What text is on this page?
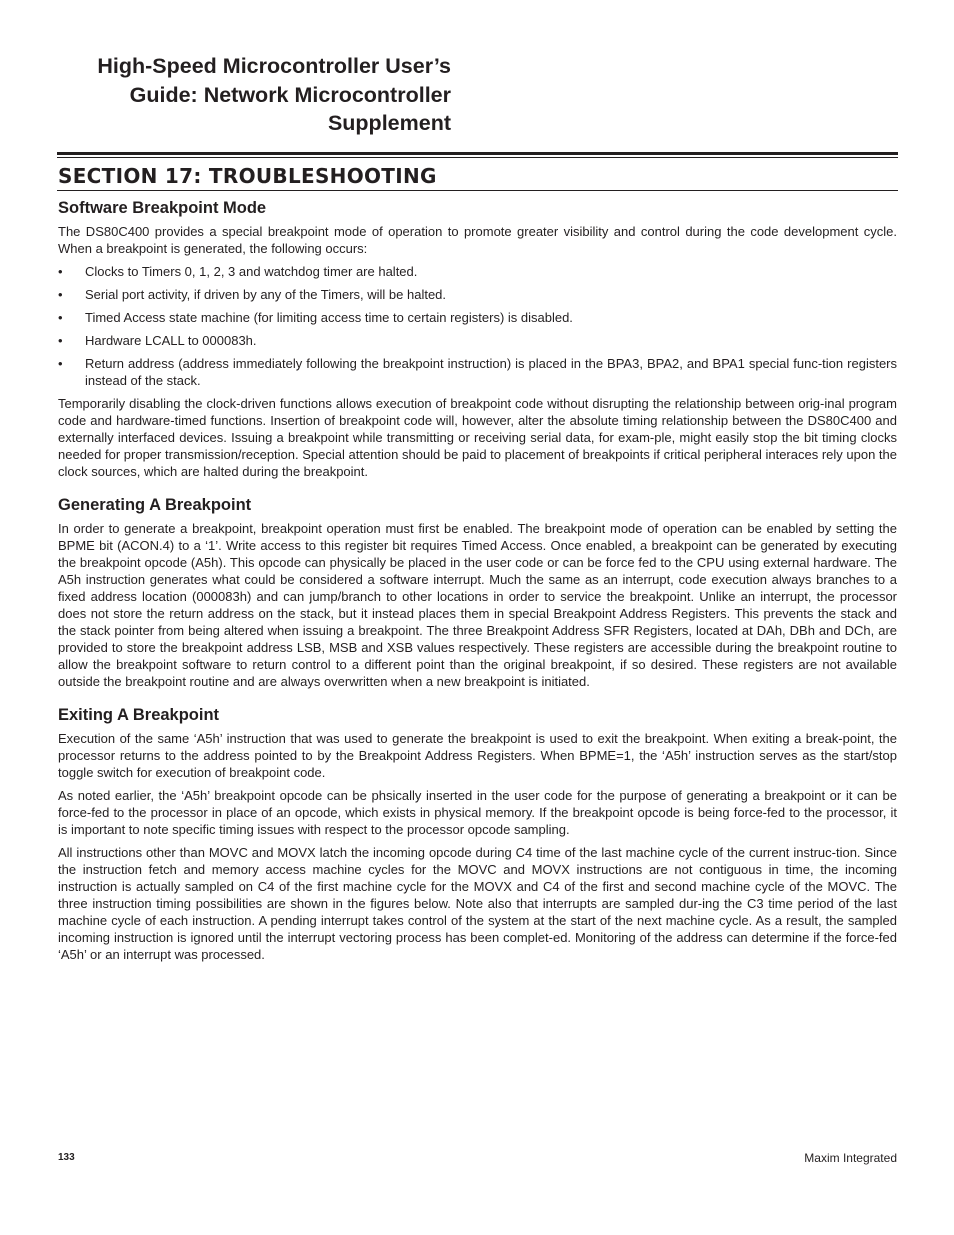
High-Speed Microcontroller User’s Guide: Network Microcontroller Supplement
SECTION 17: TROUBLESHOOTING
Software Breakpoint Mode

The DS80C400 provides a special breakpoint mode of operation to promote greater visibility and control during the code development cycle. When a breakpoint is generated, the following occurs:

• Clocks to Timers 0, 1, 2, 3 and watchdog timer are halted.
• Serial port activity, if driven by any of the Timers, will be halted.
• Timed Access state machine (for limiting access time to certain registers) is disabled.
• Hardware LCALL to 000083h.
• Return address (address immediately following the breakpoint instruction) is placed in the BPA3, BPA2, and BPA1 special func-tion registers instead of the stack.

Temporarily disabling the clock-driven functions allows execution of breakpoint code without disrupting the relationship between orig-inal program code and hardware-timed functions. Insertion of breakpoint code will, however, alter the absolute timing relationship between the DS80C400 and externally interfaced devices. Issuing a breakpoint while transmitting or receiving serial data, for exam-ple, might easily stop the bit timing clocks needed for proper transmission/reception. Special attention should be paid to placement of breakpoints if critical peripheral interaces rely upon the clock sources, which are halted during the breakpoint.

Generating A Breakpoint

In order to generate a breakpoint, breakpoint operation must first be enabled. The breakpoint mode of operation can be enabled by setting the BPME bit (ACON.4) to a ‘1’. Write access to this register bit requires Timed Access. Once enabled, a breakpoint can be generated by executing the breakpoint opcode (A5h). This opcode can physically be placed in the user code or can be force fed to the CPU using external hardware. The A5h instruction generates what could be considered a software interrupt. Much the same as an interrupt, code execution always branches to a fixed address location (000083h) and can jump/branch to other locations in order to service the breakpoint. Unlike an interrupt, the processor does not store the return address on the stack, but it instead places them in special Breakpoint Address Registers. This prevents the stack and the stack pointer from being altered when issuing a breakpoint. The three Breakpoint Address SFR Registers, located at DAh, DBh and DCh, are provided to store the breakpoint address LSB, MSB and XSB values respectively. These registers are accessible during the breakpoint routine to allow the breakpoint software to return control to a different point than the original breakpoint, if so desired. These registers are not available outside the breakpoint routine and are always overwritten when a new breakpoint is initiated.

Exiting A Breakpoint

Execution of the same ‘A5h’ instruction that was used to generate the breakpoint is used to exit the breakpoint. When exiting a break-point, the processor returns to the address pointed to by the Breakpoint Address Registers. When BPME=1, the ‘A5h’ instruction serves as the start/stop toggle switch for execution of breakpoint code.

As noted earlier, the ‘A5h’ breakpoint opcode can be phsically inserted in the user code for the purpose of generating a breakpoint or it can be force-fed to the processor in place of an opcode, which exists in physical memory. If the breakpoint opcode is being force-fed to the processor, it is important to note specific timing issues with respect to the processor opcode sampling.

All instructions other than MOVC and MOVX latch the incoming opcode during C4 time of the last machine cycle of the current instruc-tion. Since the instruction fetch and memory access machine cycles for the MOVC and MOVX instructions are not contiguous in time, the incoming instruction is actually sampled on C4 of the first machine cycle for the MOVX and C4 of the first and second machine cycle of the MOVC. The three instruction timing possibilities are shown in the figures below. Note also that interrupts are sampled dur-ing the C3 time period of the last machine cycle of each instruction. A pending interrupt takes control of the system at the start of the next machine cycle. As a result, the sampled incoming instruction is ignored until the interrupt vectoring process has been complet-ed. Monitoring of the address can determine if the force-fed ‘A5h’ or an interrupt was processed.

133	Maxim Integrated
